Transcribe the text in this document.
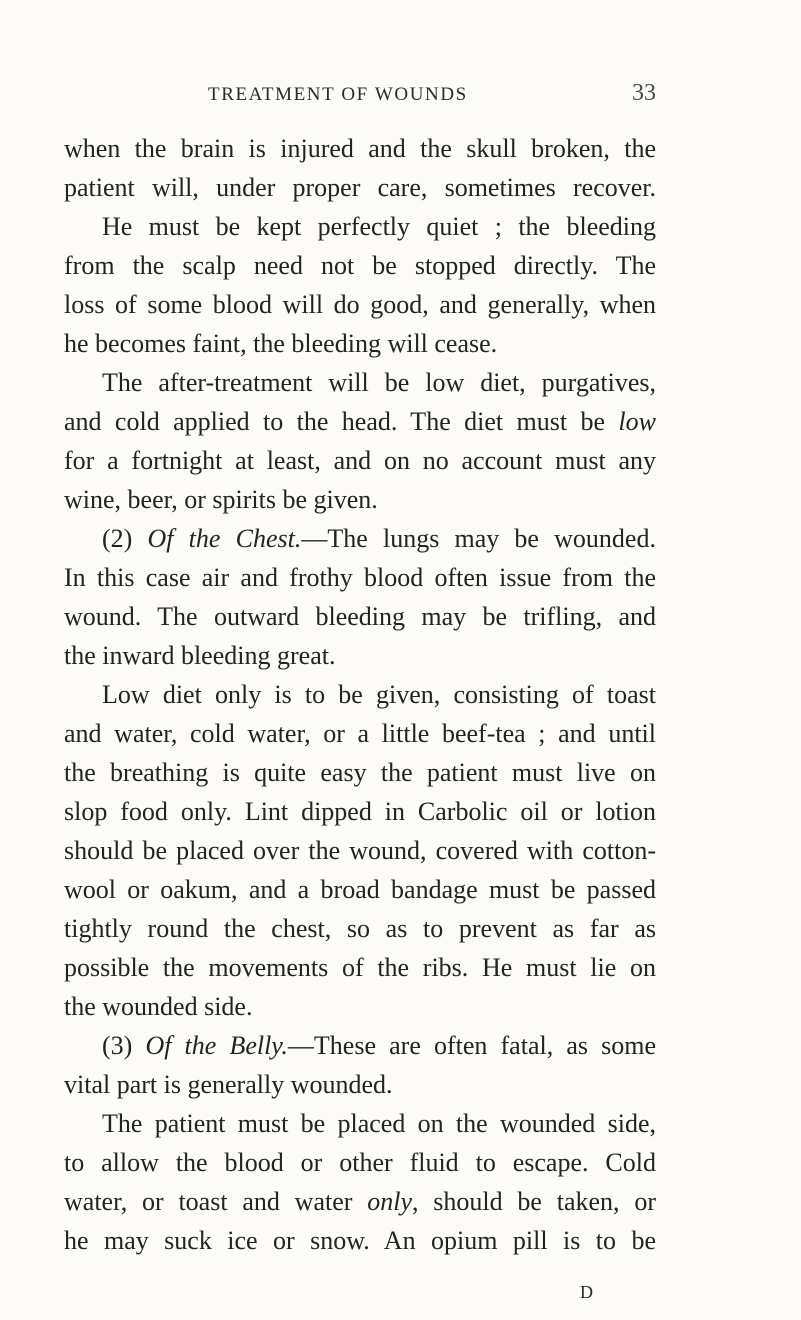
TREATMENT OF WOUNDS	33
when the brain is injured and the skull broken, the
patient will, under proper care, sometimes recover.
He must be kept perfectly quiet ; the bleeding
from the scalp need not be stopped directly. The
loss of some blood will do good, and generally, when
he becomes faint, the bleeding will cease.
The after-treatment will be low diet, purgatives,
and cold applied to the head. The diet must be low
for a fortnight at least, and on no account must any
wine, beer, or spirits be given.
(2) Of the Chest.—The lungs may be wounded.
In this case air and frothy blood often issue from the
wound. The outward bleeding may be trifling, and
the inward bleeding great.
Low diet only is to be given, consisting of toast
and water, cold water, or a little beef-tea ; and until
the breathing is quite easy the patient must live on
slop food only. Lint dipped in Carbolic oil or lotion
should be placed over the wound, covered with cotton-
wool or oakum, and a broad bandage must be passed
tightly round the chest, so as to prevent as far as
possible the movements of the ribs. He must lie on
the wounded side.
(3) Of the Belly.—These are often fatal, as some
vital part is generally wounded.
The patient must be placed on the wounded side,
to allow the blood or other fluid to escape. Cold
water, or toast and water only, should be taken, or
he may suck ice or snow. An opium pill is to be
D
